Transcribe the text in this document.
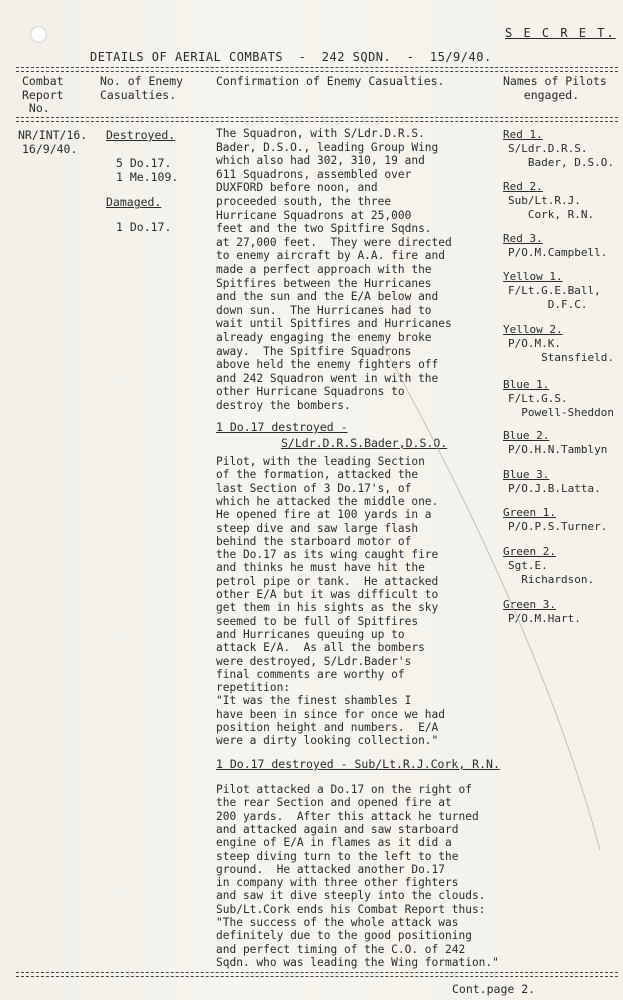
S E C R E T.
DETAILS OF AERIAL COMBATS  -  242 SQDN.  -  15/9/40.
Combat
Report
No.
No. of Enemy
Casualties.
Confirmation of Enemy Casualties.	Names of Pilots
engaged.
NR/INT/16.
16/9/40.
Destroyed.
5 Do.17.
1 Me.109.
Damaged.
1 Do.17.
The Squadron, with S/Ldr.D.R.S.
Bader, D.S.O., leading Group Wing
which also had 302, 310, 19 and
611 Squadrons, assembled over
DUXFORD before noon, and
proceeded south, the three
Hurricane Squadrons at 25,000
feet and the two Spitfire Sqdns.
at 27,000 feet.  They were directed
to enemy aircraft by A.A. fire and
made a perfect approach with the
Spitfires between the Hurricanes
and the sun and the E/A below and
down sun.  The Hurricanes had to
wait until Spitfires and Hurricanes
already engaging the enemy broke
away.  The Spitfire Squadrons
above held the enemy fighters off
and 242 Squadron went in with the
other Hurricane Squadrons to
destroy the bombers.
1 Do.17 destroyed -
S/Ldr.D.R.S.Bader,D.S.O.
Pilot, with the leading Section
of the formation, attacked the
last Section of 3 Do.17's, of
which he attacked the middle one.
He opened fire at 100 yards in a
steep dive and saw large flash
behind the starboard motor of
the Do.17 as its wing caught fire
and thinks he must have hit the
petrol pipe or tank.  He attacked
other E/A but it was difficult to
get them in his sights as the sky
seemed to be full of Spitfires
and Hurricanes queuing up to
attack E/A.  As all the bombers
were destroyed, S/Ldr.Bader's
final comments are worthy of
repetition:
"It was the finest shambles I
have been in since for once we had
position height and numbers.  E/A
were a dirty looking collection."
1 Do.17 destroyed - Sub/Lt.R.J.Cork, R.N.
Pilot attacked a Do.17 on the right of
the rear Section and opened fire at
200 yards.  After this attack he turned
and attacked again and saw starboard
engine of E/A in flames as it did a
steep diving turn to the left to the
ground.  He attacked another Do.17
in company with three other fighters
and saw it dive steeply into the clouds.
Sub/Lt.Cork ends his Combat Report thus:
"The success of the whole attack was
definitely due to the good positioning
and perfect timing of the C.O. of 242
Sqdn. who was leading the Wing formation."
Red 1.
S/Ldr.D.R.S.
Bader, D.S.O.
Red 2.
Sub/Lt.R.J.
Cork, R.N.
Red 3.
P/O.M.Campbell.
Yellow 1.
F/Lt.G.E.Ball,
D.F.C.
Yellow 2.
P/O.M.K.
Stansfield.
Blue 1.
F/Lt.G.S.
Powell-Sheddon
Blue 2.
P/O.H.N.Tamblyn
Blue 3.
P/O.J.B.Latta.
Green 1.
P/O.P.S.Turner.
Green 2.
Sgt.E.
Richardson.
Green 3.
P/O.M.Hart.
Cont.page 2.
